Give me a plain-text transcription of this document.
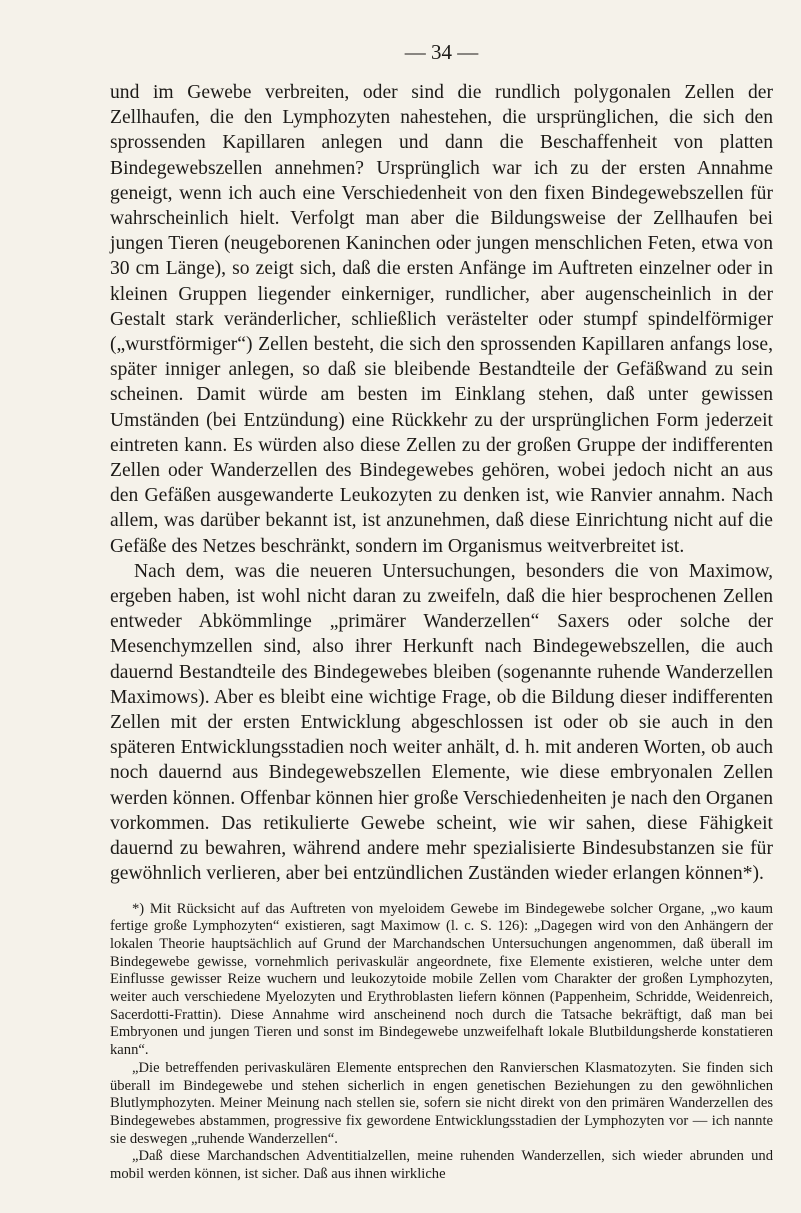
— 34 —

und im Gewebe verbreiten, oder sind die rundlich polygonalen Zellen der Zellhaufen, die den Lymphozyten nahestehen, die ursprünglichen, die sich den sprossenden Kapillaren anlegen und dann die Beschaffenheit von platten Bindegewebszellen annehmen? Ursprünglich war ich zu der ersten Annahme geneigt, wenn ich auch eine Verschiedenheit von den fixen Bindegewebszellen für wahrscheinlich hielt. Verfolgt man aber die Bildungsweise der Zellhaufen bei jungen Tieren (neugeborenen Kaninchen oder jungen menschlichen Feten, etwa von 30 cm Länge), so zeigt sich, daß die ersten Anfänge im Auftreten einzelner oder in kleinen Gruppen liegender einkerniger, rundlicher, aber augenscheinlich in der Gestalt stark veränderlicher, schließlich verästelter oder stumpf spindelförmiger („wurstförmiger“) Zellen besteht, die sich den sprossenden Kapillaren anfangs lose, später inniger anlegen, so daß sie bleibende Bestandteile der Gefäßwand zu sein scheinen. Damit würde am besten im Einklang stehen, daß unter gewissen Umständen (bei Entzündung) eine Rückkehr zu der ursprünglichen Form jederzeit eintreten kann. Es würden also diese Zellen zu der großen Gruppe der indifferenten Zellen oder Wanderzellen des Bindegewebes gehören, wobei jedoch nicht an aus den Gefäßen ausgewanderte Leukozyten zu denken ist, wie Ranvier annahm. Nach allem, was darüber bekannt ist, ist anzunehmen, daß diese Einrichtung nicht auf die Gefäße des Netzes beschränkt, sondern im Organismus weitverbreitet ist.

Nach dem, was die neueren Untersuchungen, besonders die von Maximow, ergeben haben, ist wohl nicht daran zu zweifeln, daß die hier besprochenen Zellen entweder Abkömmlinge „primärer Wanderzellen“ Saxers oder solche der Mesenchymzellen sind, also ihrer Herkunft nach Bindegewebszellen, die auch dauernd Bestandteile des Bindegewebes bleiben (sogenannte ruhende Wanderzellen Maximows). Aber es bleibt eine wichtige Frage, ob die Bildung dieser indifferenten Zellen mit der ersten Entwicklung abgeschlossen ist oder ob sie auch in den späteren Entwicklungsstadien noch weiter anhält, d. h. mit anderen Worten, ob auch noch dauernd aus Bindegewebszellen Elemente, wie diese embryonalen Zellen werden können. Offenbar können hier große Verschiedenheiten je nach den Organen vorkommen. Das retikulierte Gewebe scheint, wie wir sahen, diese Fähigkeit dauernd zu bewahren, während andere mehr spezialisierte Bindesubstanzen sie für gewöhnlich verlieren, aber bei entzündlichen Zuständen wieder erlangen können*).

*) Mit Rücksicht auf das Auftreten von myeloidem Gewebe im Bindegewebe solcher Organe, „wo kaum fertige große Lymphozyten“ existieren, sagt Maximow (l. c. S. 126): „Dagegen wird von den Anhängern der lokalen Theorie hauptsächlich auf Grund der Marchandschen Untersuchungen angenommen, daß überall im Bindegewebe gewisse, vornehmlich perivaskulär angeordnete, fixe Elemente existieren, welche unter dem Einflusse gewisser Reize wuchern und leukozytoide mobile Zellen vom Charakter der großen Lymphozyten, weiter auch verschiedene Myelozyten und Erythroblasten liefern können (Pappenheim, Schridde, Weidenreich, Sacerdotti-Frattin). Diese Annahme wird anscheinend noch durch die Tatsache bekräftigt, daß man bei Embryonen und jungen Tieren und sonst im Bindegewebe unzweifelhaft lokale Blutbildungsherde konstatieren kann“.

„Die betreffenden perivaskulären Elemente entsprechen den Ranvierschen Klasmatozyten. Sie finden sich überall im Bindegewebe und stehen sicherlich in engen genetischen Beziehungen zu den gewöhnlichen Blutlymphozyten. Meiner Meinung nach stellen sie, sofern sie nicht direkt von den primären Wanderzellen des Bindegewebes abstammen, progressive fix gewordene Entwicklungsstadien der Lymphozyten vor — ich nannte sie deswegen „ruhende Wanderzellen“.

„Daß diese Marchandschen Adventitialzellen, meine ruhenden Wanderzellen, sich wieder abrunden und mobil werden können, ist sicher. Daß aus ihnen wirkliche
